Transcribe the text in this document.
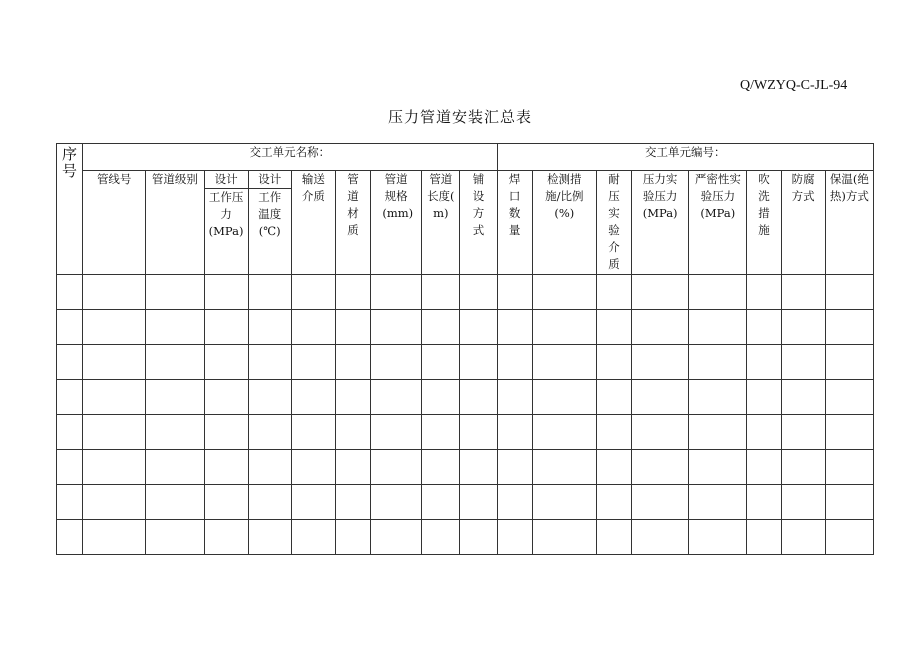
Q/WZYQ-C-JL-94
压力管道安装汇总表
序号	交工单元名称：									交工单元编号：							

	管线号	管道级别	设计	设计	输送介质	管道材质	管道规格(mm)	管道长度( m)	铺设方式	焊口数量	检测措施/比例(%)	耐压实验介质	压力实验压力(MPa)	严密性实验压力(MPa)	吹洗措施	防腐方式	保温(绝热)方式

			工作压力(MPa)	工作温度(℃)													
